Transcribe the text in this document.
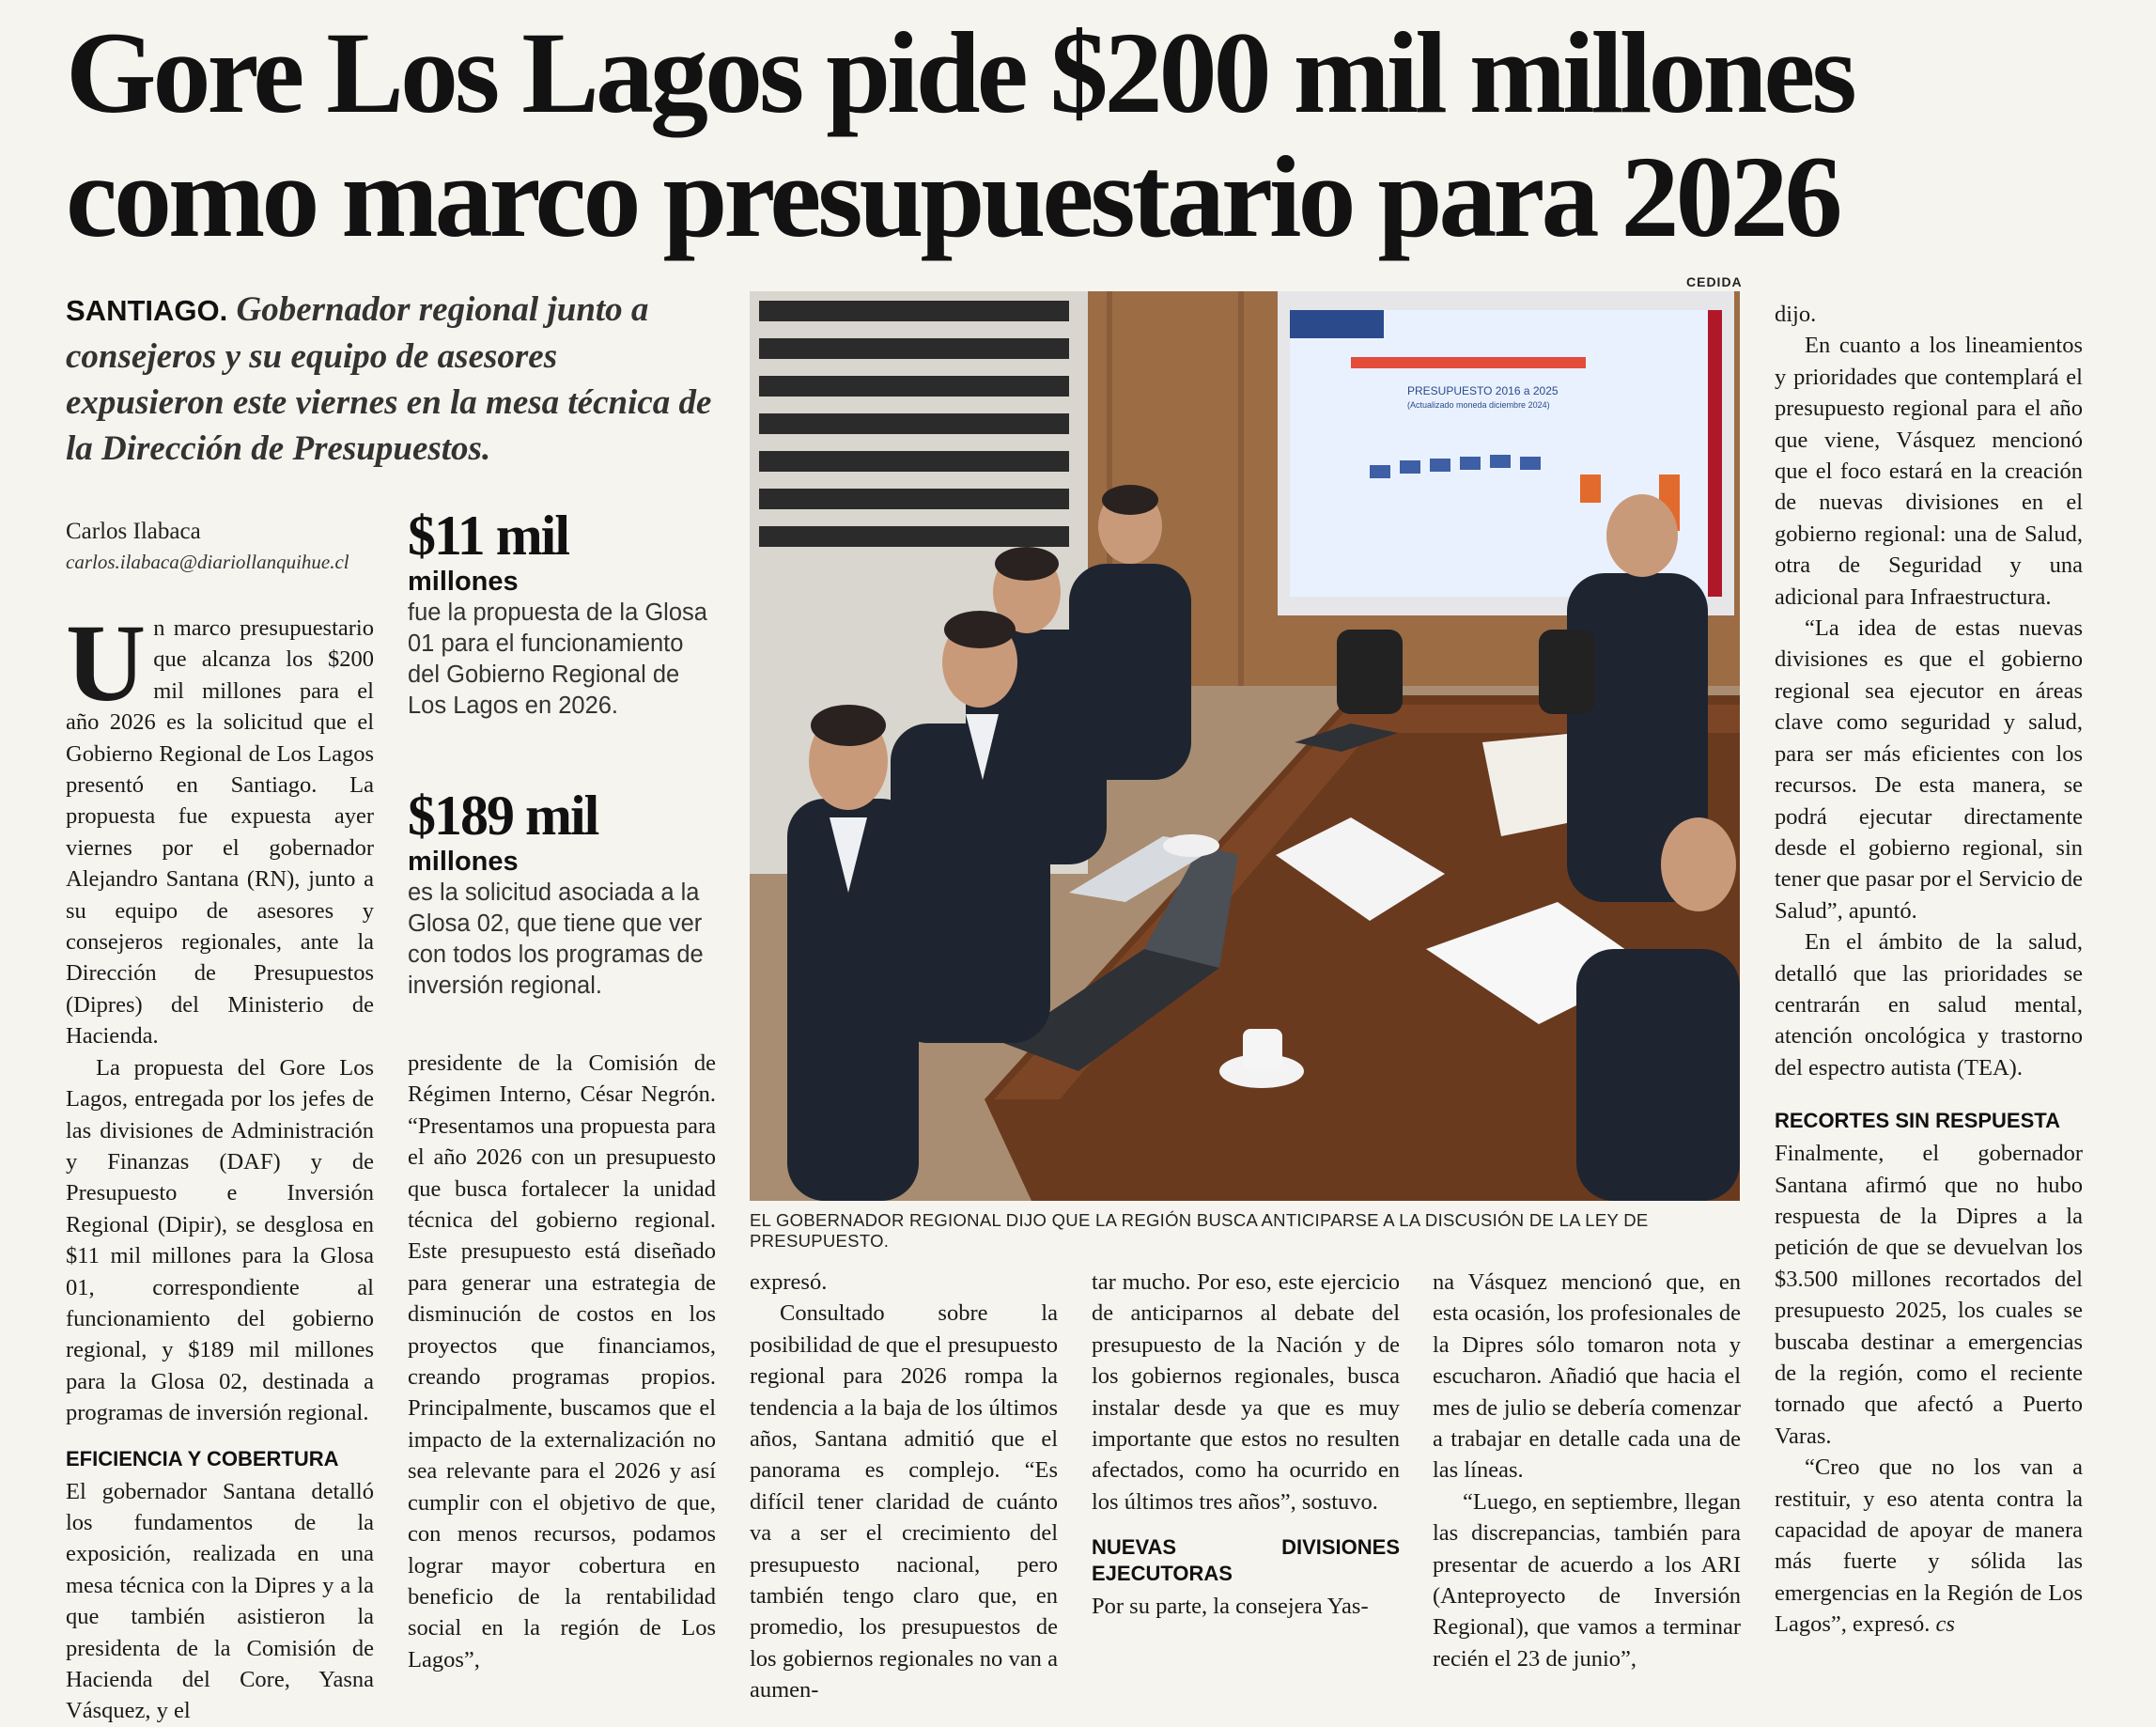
Gore Los Lagos pide $200 mil millones
como marco presupuestario para 2026
SANTIAGO. Gobernador regional junto a consejeros y su equipo de asesores expusieron este viernes en la mesa técnica de la Dirección de Presupuestos.
Carlos Ilabaca
carlos.ilabaca@diariollanquihue.cl $11 mil
millones
fue la propuesta de la Glosa 01 para el funcionamiento del Gobierno Regional de Los Lagos en 2026.
$189 mil
millones
es la solicitud asociada a la Glosa 02, que tiene que ver con todos los programas de inversión regional.

Un marco presupuestario que alcanza los $200 mil millones para el año 2026 es la solicitud que el Gobierno Regional de Los Lagos presentó en Santiago. La propuesta fue expuesta ayer viernes por el gobernador Alejandro Santana (RN), junto a su equipo de asesores y consejeros regionales, ante la Dirección de Presupuestos (Dipres) del Ministerio de Hacienda.

La propuesta del Gore Los Lagos, entregada por los jefes de las divisiones de Administración y Finanzas (DAF) y de Presupuesto e Inversión Regional (Dipir), se desglosa en $11 mil millones para la Glosa 01, correspondiente al funcionamiento del gobierno regional, y $189 mil millones para la Glosa 02, destinada a programas de inversión regional.

EFICIENCIA Y COBERTURA

El gobernador Santana detalló los fundamentos de la exposición, realizada en una mesa técnica con la Dipres y a la que también asistieron la presidenta de la Comisión de Hacienda del Core, Yasna Vásquez, y el

presidente de la Comisión de Régimen Interno, César Negrón. “Presentamos una propuesta para el año 2026 con un presupuesto que busca fortalecer la unidad técnica del gobierno regional. Este presupuesto está diseñado para generar una estrategia de disminución de costos en los proyectos que financiamos, creando programas propios. Principalmente, buscamos que el impacto de la externalización no sea relevante para el 2026 y así cumplir con el objetivo de que, con menos recursos, podamos lograr mayor cobertura en beneficio de la rentabilidad social en la región de Los Lagos”,

expresó.

Consultado sobre la posibilidad de que el presupuesto regional para 2026 rompa la tendencia a la baja de los últimos años, Santana admitió que el panorama es complejo. “Es difícil tener claridad de cuánto va a ser el crecimiento del presupuesto nacional, pero también tengo claro que, en promedio, los presupuestos de los gobiernos regionales no van a aumen-

tar mucho. Por eso, este ejercicio de anticiparnos al debate del presupuesto de la Nación y de los gobiernos regionales, busca instalar desde ya que es muy importante que estos no resulten afectados, como ha ocurrido en los últimos tres años”, sostuvo.

NUEVAS DIVISIONES EJECUTORAS

Por su parte, la consejera Yas-

na Vásquez mencionó que, en esta ocasión, los profesionales de la Dipres sólo tomaron nota y escucharon. Añadió que hacia el mes de julio se debería comenzar a trabajar en detalle cada una de las líneas.

“Luego, en septiembre, llegan las discrepancias, también para presentar de acuerdo a los ARI (Anteproyecto de Inversión Regional), que vamos a terminar recién el 23 de junio”,

dijo.

En cuanto a los lineamientos y prioridades que contemplará el presupuesto regional para el año que viene, Vásquez mencionó que el foco estará en la creación de nuevas divisiones en el gobierno regional: una de Salud, otra de Seguridad y una adicional para Infraestructura.

“La idea de estas nuevas divisiones es que el gobierno regional sea ejecutor en áreas clave como seguridad y salud, para ser más eficientes con los recursos. De esta manera, se podrá ejecutar directamente desde el gobierno regional, sin tener que pasar por el Servicio de Salud”, apuntó.

En el ámbito de la salud, detalló que las prioridades se centrarán en salud mental, atención oncológica y trastorno del espectro autista (TEA).

RECORTES SIN RESPUESTA

Finalmente, el gobernador Santana afirmó que no hubo respuesta de la Dipres a la petición de que se devuelvan los $3.500 millones recortados del presupuesto 2025, los cuales se buscaba destinar a emergencias de la región, como el reciente tornado que afectó a Puerto Varas.

“Creo que no los van a restituir, y eso atenta contra la capacidad de apoyar de manera más fuerte y sólida las emergencias en la Región de Los Lagos”, expresó. cs

CEDIDA
PRESUPUESTO 2016 a 2025
(Actualizado moneda diciembre 2024)
EL GOBERNADOR REGIONAL DIJO QUE LA REGIÓN BUSCA ANTICIPARSE A LA DISCUSIÓN DE LA LEY DE PRESUPUESTO.
